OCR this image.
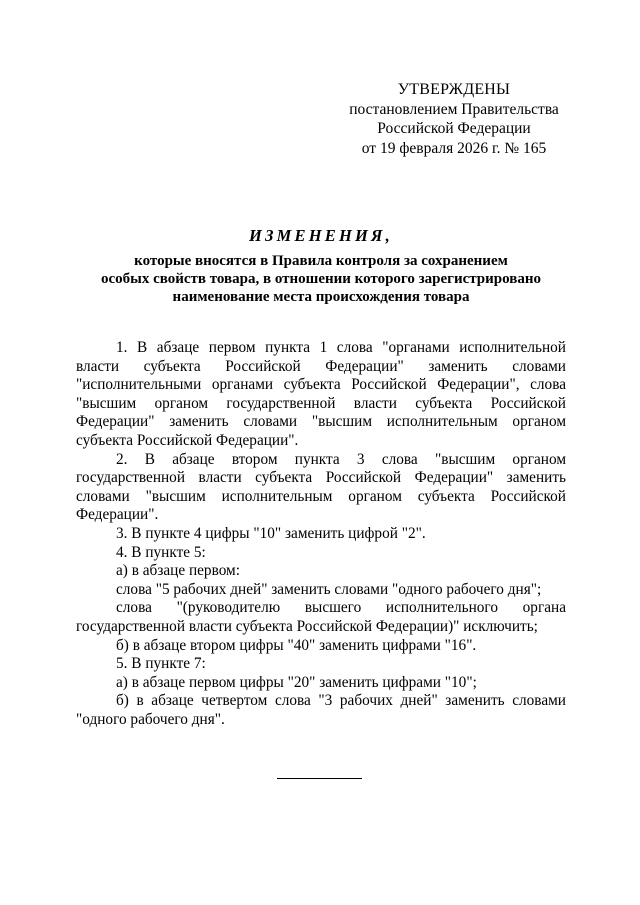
УТВЕРЖДЕНЫ
постановлением Правительства
Российской Федерации
от 19 февраля 2026 г. № 165
ИЗМЕНЕНИЯ,
которые вносятся в Правила контроля за сохранением
особых свойств товара, в отношении которого зарегистрировано
наименование места происхождения товара

1. В абзаце первом пункта 1 слова "органами исполнительной власти субъекта Российской Федерации" заменить словами "исполнительными органами субъекта Российской Федерации", слова "высшим органом государственной власти субъекта Российской Федерации" заменить словами "высшим исполнительным органом субъекта Российской Федерации".

2. В абзаце втором пункта 3 слова "высшим органом государственной власти субъекта Российской Федерации" заменить словами "высшим исполнительным органом субъекта Российской Федерации".

3. В пункте 4 цифры "10" заменить цифрой "2".

4. В пункте 5:

а) в абзаце первом:

слова "5 рабочих дней" заменить словами "одного рабочего дня";

слова "(руководителю высшего исполнительного органа государственной власти субъекта Российской Федерации)" исключить;

б) в абзаце втором цифры "40" заменить цифрами "16".

5. В пункте 7:

а) в абзаце первом цифры "20" заменить цифрами "10";

б) в абзаце четвертом слова "3 рабочих дней" заменить словами "одного рабочего дня".
